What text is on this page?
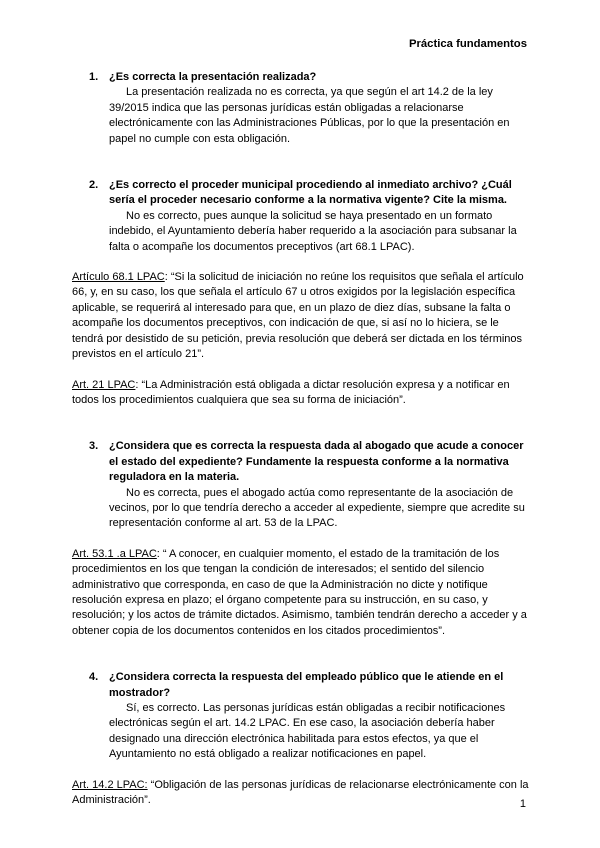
Práctica fundamentos
1. ¿Es correcta la presentación realizada?

La presentación realizada no es correcta, ya que según el art 14.2 de la ley 39/2015 indica que las personas jurídicas están obligadas a relacionarse electrónicamente con las Administraciones Públicas, por lo que la presentación en papel no cumple con esta obligación.

2. ¿Es correcto el proceder municipal procediendo al inmediato archivo? ¿Cuál sería el proceder necesario conforme a la normativa vigente? Cite la misma.

No es correcto, pues aunque la solicitud se haya presentado en un formato indebido, el Ayuntamiento debería haber requerido a la asociación para subsanar la falta o acompañe los documentos preceptivos (art 68.1 LPAC).

Artículo 68.1 LPAC: “Si la solicitud de iniciación no reúne los requisitos que señala el artículo 66, y, en su caso, los que señala el artículo 67 u otros exigidos por la legislación específica aplicable, se requerirá al interesado para que, en un plazo de diez días, subsane la falta o acompañe los documentos preceptivos, con indicación de que, si así no lo hiciera, se le tendrá por desistido de su petición, previa resolución que deberá ser dictada en los términos previstos en el artículo 21”.

Art. 21 LPAC: “La Administración está obligada a dictar resolución expresa y a notificar en todos los procedimientos cualquiera que sea su forma de iniciación”.

3. ¿Considera que es correcta la respuesta dada al abogado que acude a conocer el estado del expediente? Fundamente la respuesta conforme a la normativa reguladora en la materia.

No es correcta, pues el abogado actúa como representante de la asociación de vecinos, por lo que tendría derecho a acceder al expediente, siempre que acredite su representación conforme al art. 53 de la LPAC.

Art. 53.1 .a LPAC: “ A conocer, en cualquier momento, el estado de la tramitación de los procedimientos en los que tengan la condición de interesados; el sentido del silencio administrativo que corresponda, en caso de que la Administración no dicte y notifique resolución expresa en plazo; el órgano competente para su instrucción, en su caso, y resolución; y los actos de trámite dictados. Asimismo, también tendrán derecho a acceder y a obtener copia de los documentos contenidos en los citados procedimientos”.

4. ¿Considera correcta la respuesta del empleado público que le atiende en el mostrador?

Sí, es correcto. Las personas jurídicas están obligadas a recibir notificaciones electrónicas según el art. 14.2 LPAC. En ese caso, la asociación debería haber designado una dirección electrónica habilitada para estos efectos, ya que el Ayuntamiento no está obligado a realizar notificaciones en papel.

Art. 14.2 LPAC: “Obligación de las personas jurídicas de relacionarse electrónicamente con la Administración”.	1
